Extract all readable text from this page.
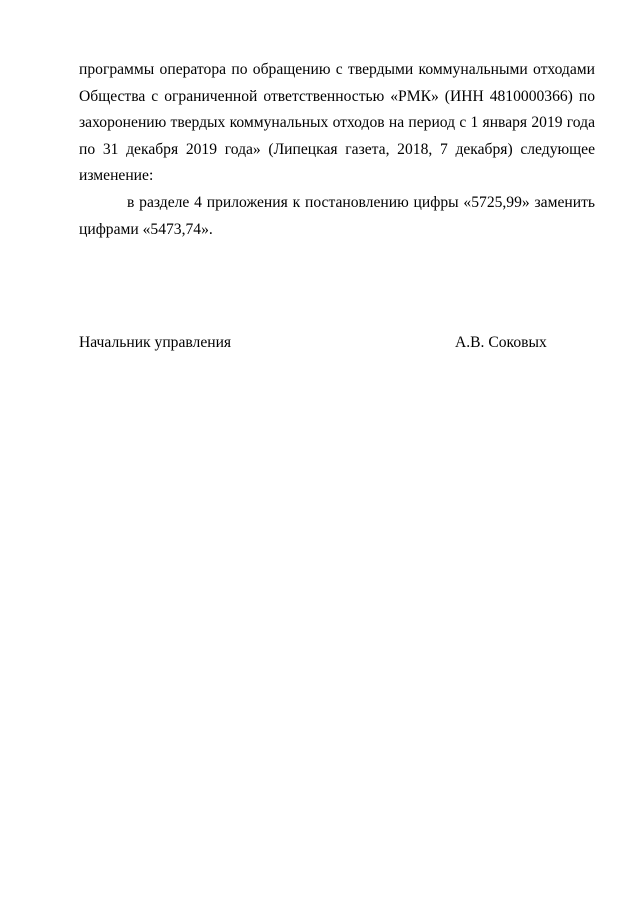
программы оператора по обращению с твердыми коммунальными отходами Общества с ограниченной ответственностью «РМК» (ИНН 4810000366) по захоронению твердых коммунальных отходов на период с 1 января 2019 года по 31 декабря 2019 года» (Липецкая газета, 2018, 7 декабря) следующее изменение:

в разделе 4 приложения к постановлению цифры «5725,99» заменить цифрами «5473,74».

Начальник управления	А.В. Соковых
